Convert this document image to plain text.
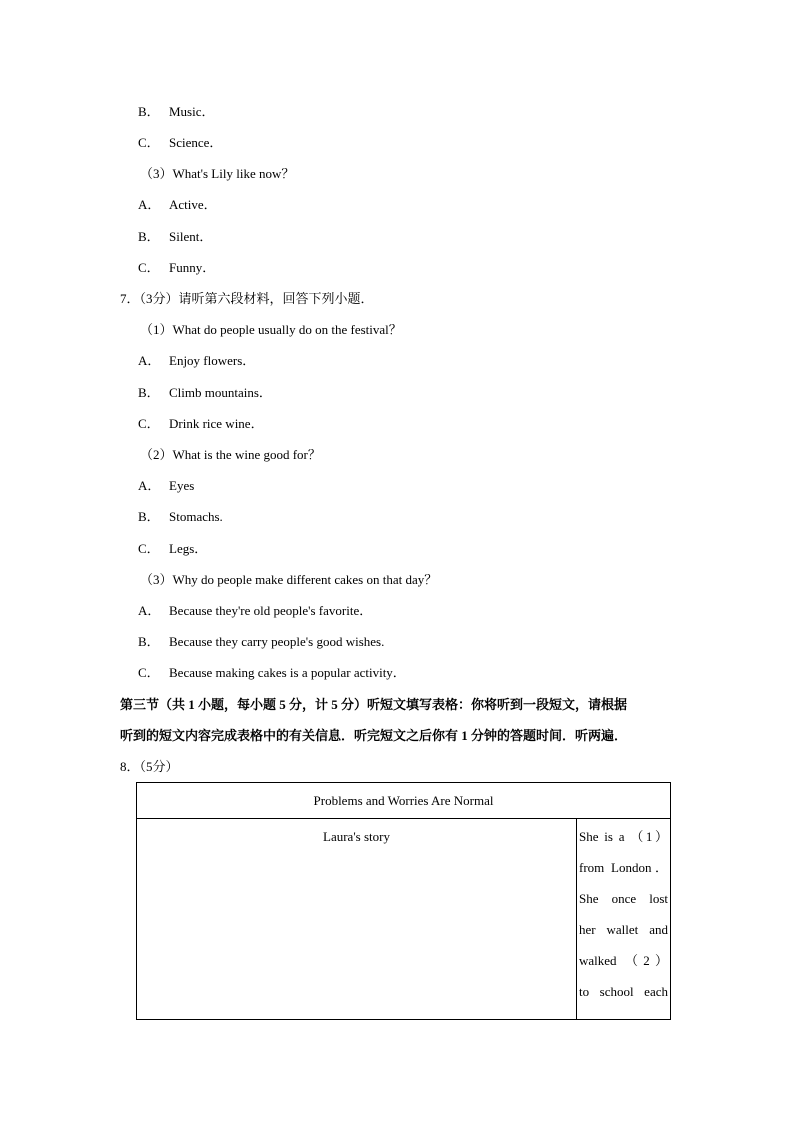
B． Music．
C． Science．
（3）What's Lily like now？
A． Active．
B． Silent．
C． Funny．
7．（3分）请听第六段材料，回答下列小题．
（1）What do people usually do on the festival？
A． Enjoy flowers．
B． Climb mountains．
C． Drink rice wine．
（2）What is the wine good for？
A． Eyes
B． Stomachs.
C． Legs．
（3）Why do people make different cakes on that day？
A． Because they're old people's favorite．
B． Because they carry people's good wishes.
C． Because making cakes is a popular activity．
第三节（共 1 小题，每小题 5 分，计 5 分）听短文填写表格：你将听到一段短文，请根据
听到的短文内容完成表格中的有关信息．听完短文之后你有 1 分钟的答题时间．听两遍．
8．（5分）
Problems and Worries Are Normal
Laura's story	She is a （1）
from London．
She once lost
her wallet and
walked （2）
to school each
